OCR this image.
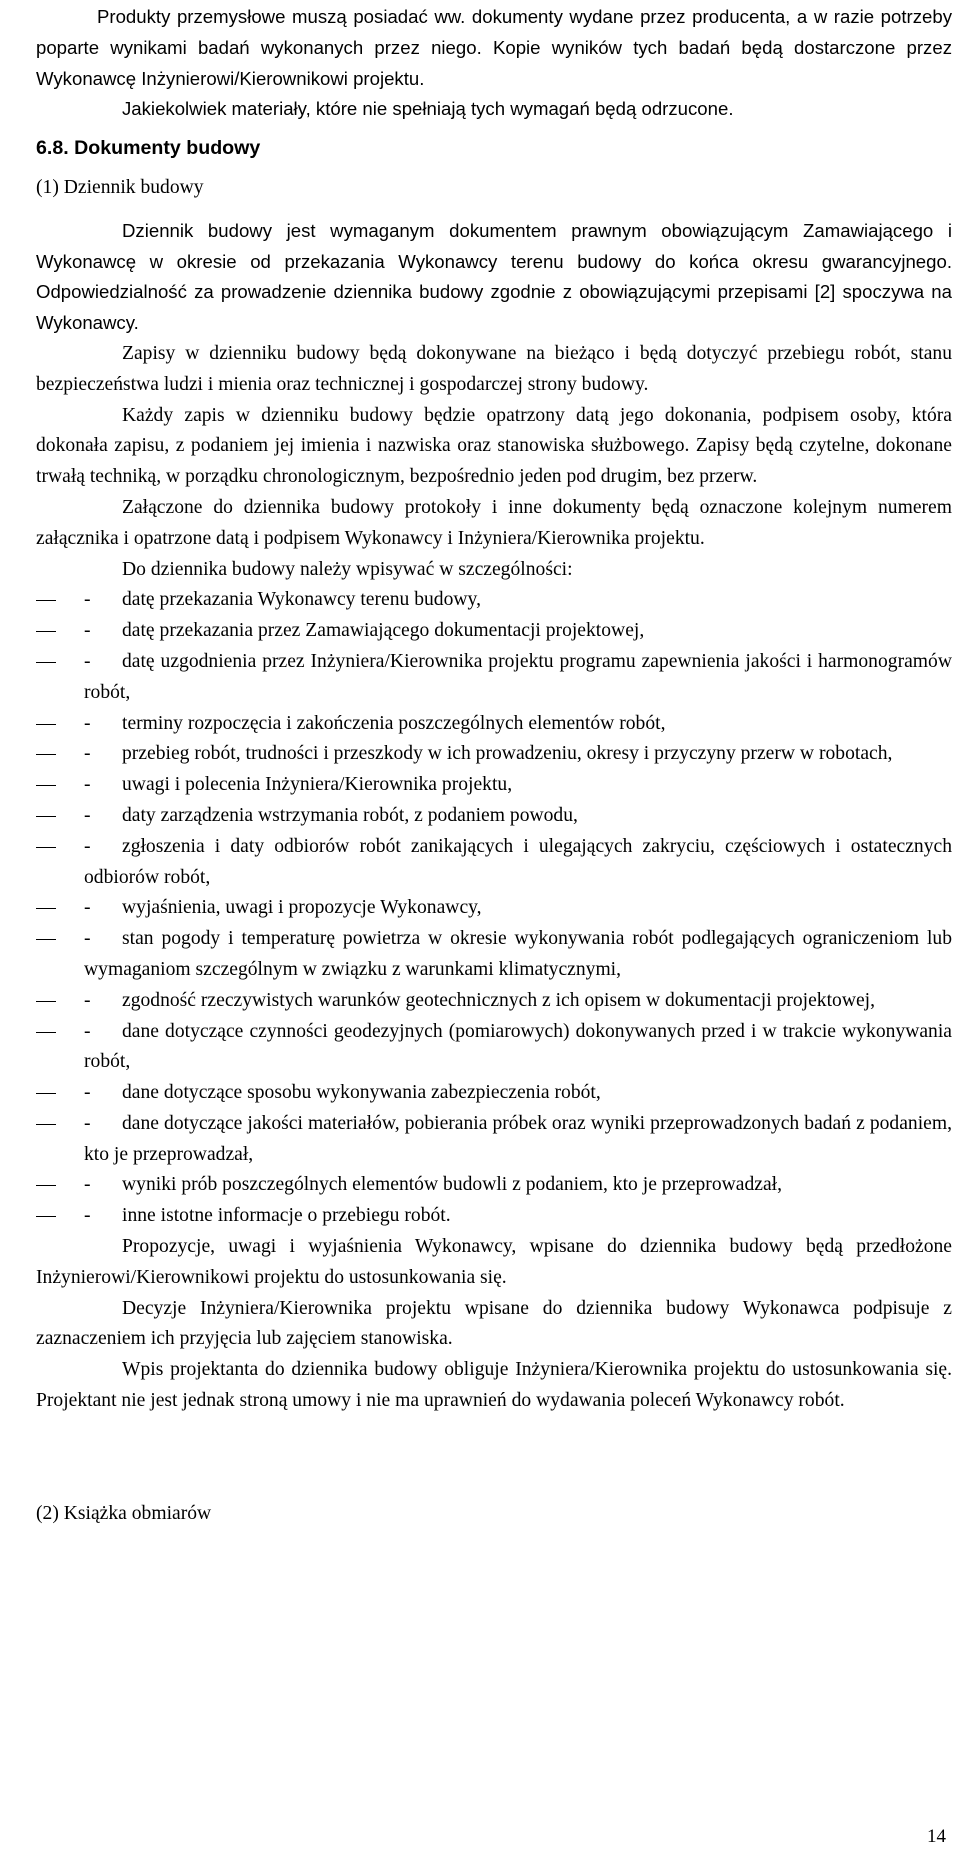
Produkty przemysłowe muszą posiadać ww. dokumenty wydane przez producenta, a w razie potrzeby poparte wynikami badań wykonanych przez niego. Kopie wyników tych badań będą dostarczone przez Wykonawcę Inżynierowi/Kierownikowi projektu.

Jakiekolwiek materiały, które nie spełniają tych wymagań będą odrzucone.

6.8. Dokumenty budowy
(1) Dziennik budowy

Dziennik budowy jest wymaganym dokumentem prawnym obowiązującym Zamawiającego i Wykonawcę w okresie od przekazania Wykonawcy terenu budowy do końca okresu gwarancyjnego. Odpowiedzialność za prowadzenie dziennika budowy zgodnie z obowiązującymi przepisami [2] spoczywa na Wykonawcy.

Zapisy w dzienniku budowy będą dokonywane na bieżąco i będą dotyczyć przebiegu robót, stanu bezpieczeństwa ludzi i mienia oraz technicznej i gospodarczej strony budowy.

Każdy zapis w dzienniku budowy będzie opatrzony datą jego dokonania, podpisem osoby, która dokonała zapisu, z podaniem jej imienia i nazwiska oraz stanowiska służbowego. Zapisy będą czytelne, dokonane trwałą techniką, w porządku chronologicznym, bezpośrednio jeden pod drugim, bez przerw.

Załączone do dziennika budowy protokoły i inne dokumenty będą oznaczone kolejnym numerem załącznika i opatrzone datą i podpisem Wykonawcy i Inżyniera/Kierownika projektu.

Do dziennika budowy należy wpisywać w szczególności:

-	datę przekazania Wykonawcy terenu budowy,
-	datę przekazania przez Zamawiającego dokumentacji projektowej,
-	datę uzgodnienia przez Inżyniera/Kierownika projektu programu zapewnienia jakości i harmonogramów robót,
-	terminy rozpoczęcia i zakończenia poszczególnych elementów robót,
-	przebieg robót, trudności i przeszkody w ich prowadzeniu, okresy i przyczyny przerw w robotach,
-	uwagi i polecenia Inżyniera/Kierownika projektu,
-	daty zarządzenia wstrzymania robót, z podaniem powodu,
-	zgłoszenia i daty odbiorów robót zanikających i ulegających zakryciu, częściowych i ostatecznych odbiorów robót,
-	wyjaśnienia, uwagi i propozycje Wykonawcy,
-	stan pogody i temperaturę powietrza w okresie wykonywania robót podlegających ograniczeniom lub wymaganiom szczególnym w związku z warunkami klimatycznymi,
-	zgodność rzeczywistych warunków geotechnicznych z ich opisem w dokumentacji projektowej,
-	dane dotyczące czynności geodezyjnych (pomiarowych) dokonywanych przed i w trakcie wykonywania robót,
-	dane dotyczące sposobu wykonywania zabezpieczenia robót,
-	dane dotyczące jakości materiałów, pobierania próbek oraz wyniki przeprowadzonych badań z podaniem, kto je przeprowadzał,
-	wyniki prób poszczególnych elementów budowli z podaniem, kto je przeprowadzał,
-	inne istotne informacje o przebiegu robót.

Propozycje, uwagi i wyjaśnienia Wykonawcy, wpisane do dziennika budowy będą przedłożone Inżynierowi/Kierownikowi projektu do ustosunkowania się.

Decyzje Inżyniera/Kierownika projektu wpisane do dziennika budowy Wykonawca podpisuje z zaznaczeniem ich przyjęcia lub zajęciem stanowiska.

Wpis projektanta do dziennika budowy obliguje Inżyniera/Kierownika projektu do ustosunkowania się. Projektant nie jest jednak stroną umowy i nie ma uprawnień do wydawania poleceń Wykonawcy robót.

(2) Książka obmiarów
14
